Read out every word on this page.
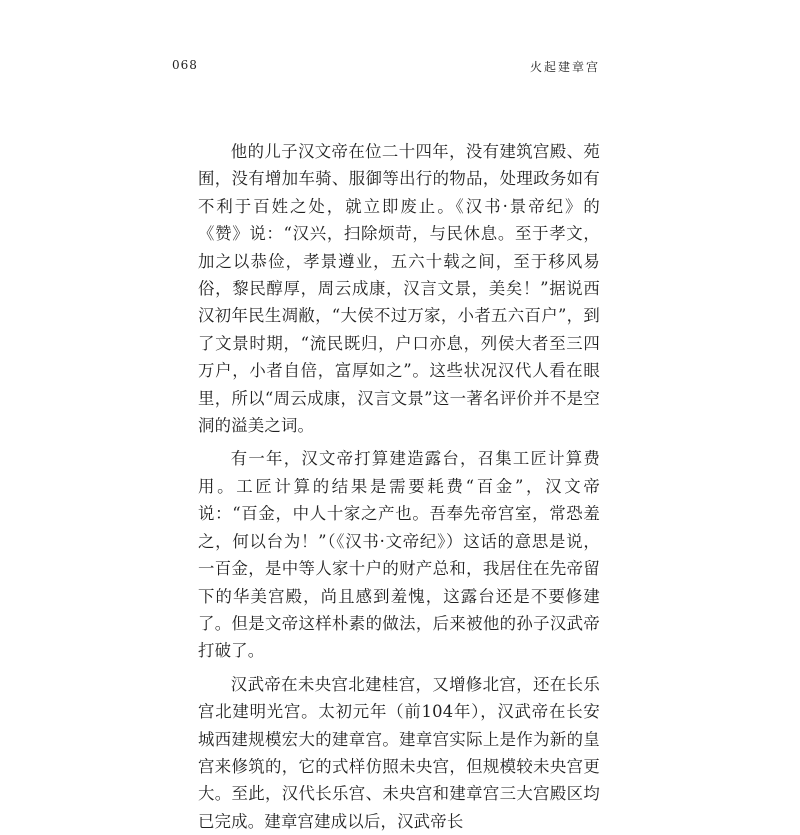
068	火起建章宫

他的儿子汉文帝在位二十四年，没有建筑宫殿、苑囿，没有增加车骑、服御等出行的物品，处理政务如有不利于百姓之处，就立即废止。《汉书·景帝纪》的《赞》说：“汉兴，扫除烦苛，与民休息。至于孝文，加之以恭俭，孝景遵业，五六十载之间，至于移风易俗，黎民醇厚，周云成康，汉言文景，美矣！”据说西汉初年民生凋敝，“大侯不过万家，小者五六百户”，到了文景时期，“流民既归，户口亦息，列侯大者至三四万户，小者自倍，富厚如之”。这些状况汉代人看在眼里，所以“周云成康，汉言文景”这一著名评价并不是空洞的溢美之词。

有一年，汉文帝打算建造露台，召集工匠计算费用。工匠计算的结果是需要耗费“百金”，汉文帝说：“百金，中人十家之产也。吾奉先帝宫室，常恐羞之，何以台为！”（《汉书·文帝纪》）这话的意思是说，一百金，是中等人家十户的财产总和，我居住在先帝留下的华美宫殿，尚且感到羞愧，这露台还是不要修建了。但是文帝这样朴素的做法，后来被他的孙子汉武帝打破了。

汉武帝在未央宫北建桂宫，又增修北宫，还在长乐宫北建明光宫。太初元年（前104年），汉武帝在长安城西建规模宏大的建章宫。建章宫实际上是作为新的皇宫来修筑的，它的式样仿照未央宫，但规模较未央宫更大。至此，汉代长乐宫、未央宫和建章宫三大宫殿区均已完成。建章宫建成以后，汉武帝长
